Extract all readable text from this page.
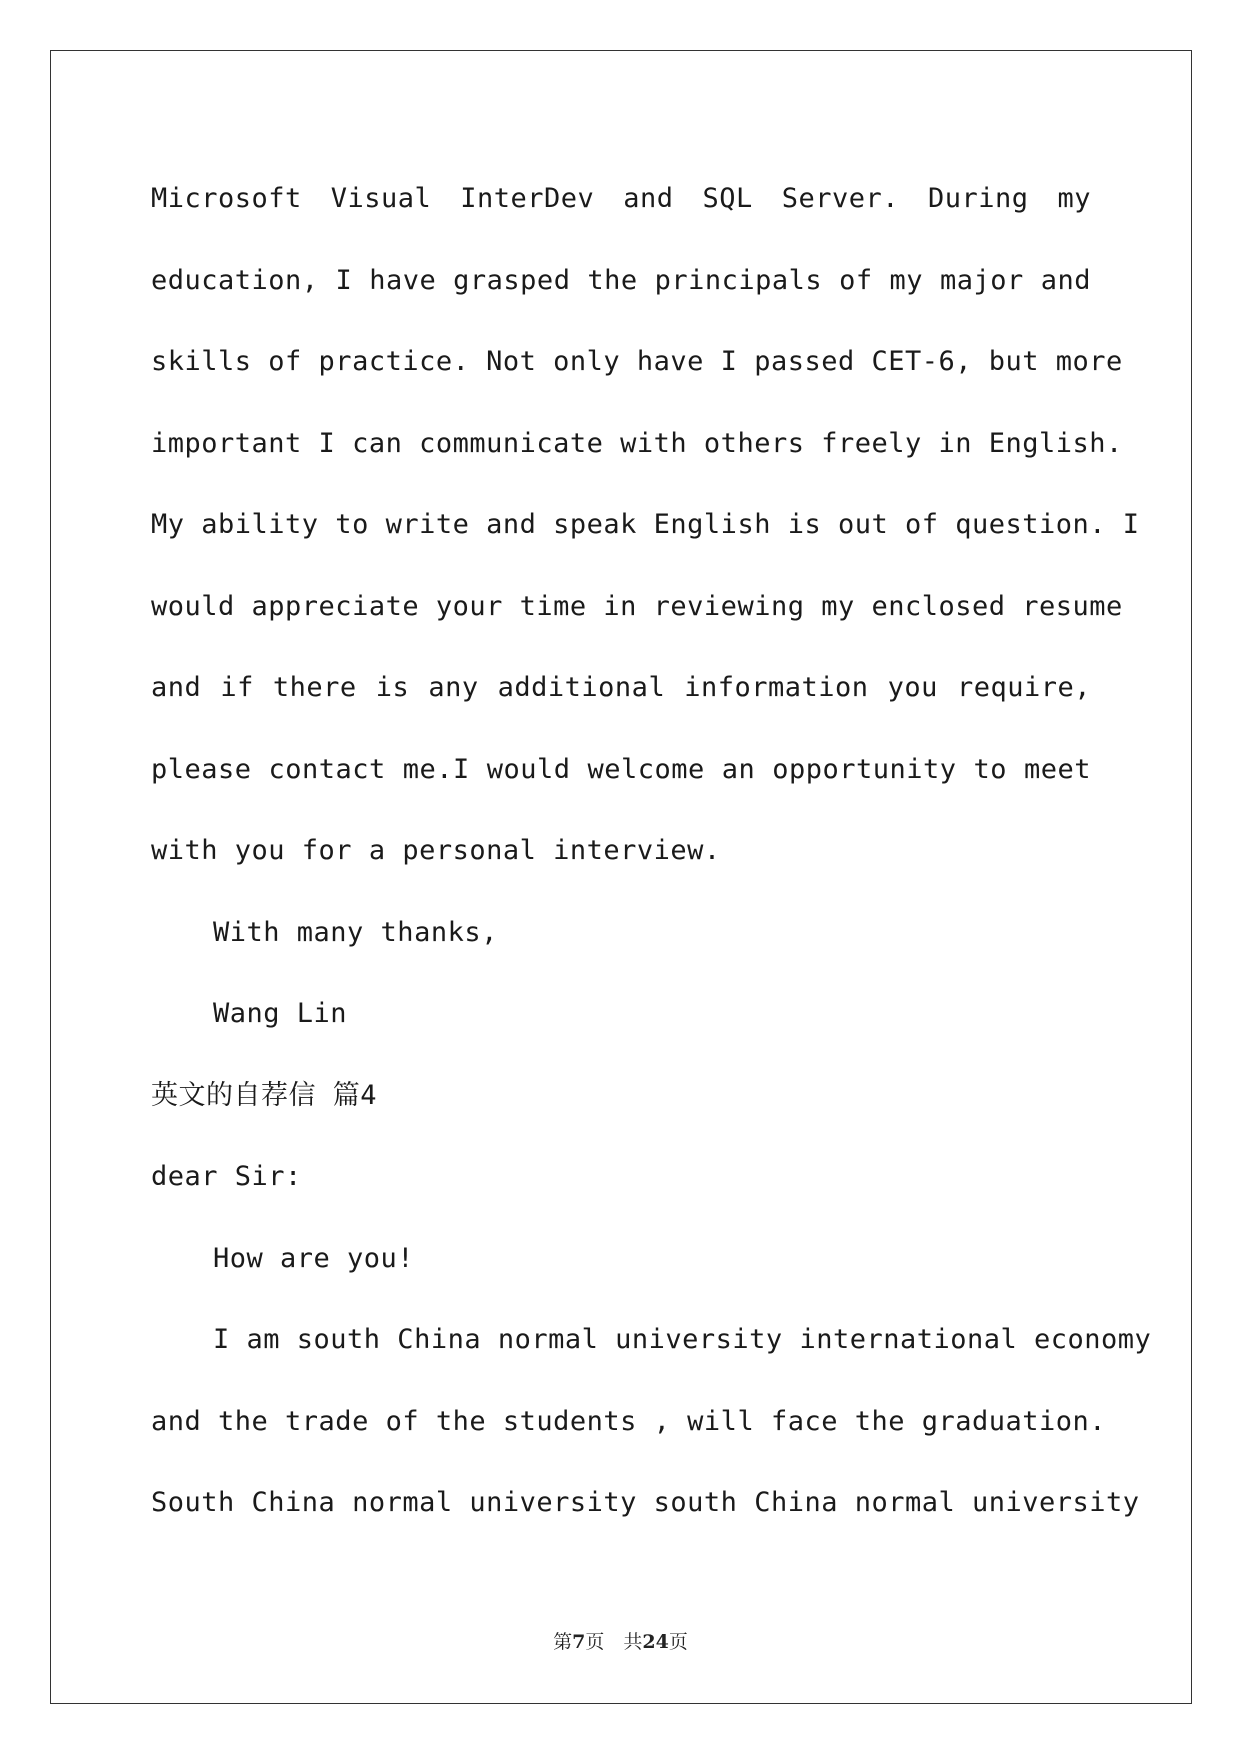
Microsoft Visual InterDev and SQL Server. During my
education, I have grasped the principals of my major and
skills of practice. Not only have I passed CET-6, but more
important I can communicate with others freely in English.
My ability to write and speak English is out of question. I
would appreciate your time in reviewing my enclosed resume
and if there is any additional information you require,
please contact me.I would welcome an opportunity to meet
with you for a personal interview.
With many thanks,
Wang Lin
英文的自荐信 篇4
dear Sir:
How are you!
I am south China normal university international economy
and the trade of the students , will face the graduation.
South China normal university south China normal university
第7页　共24页
